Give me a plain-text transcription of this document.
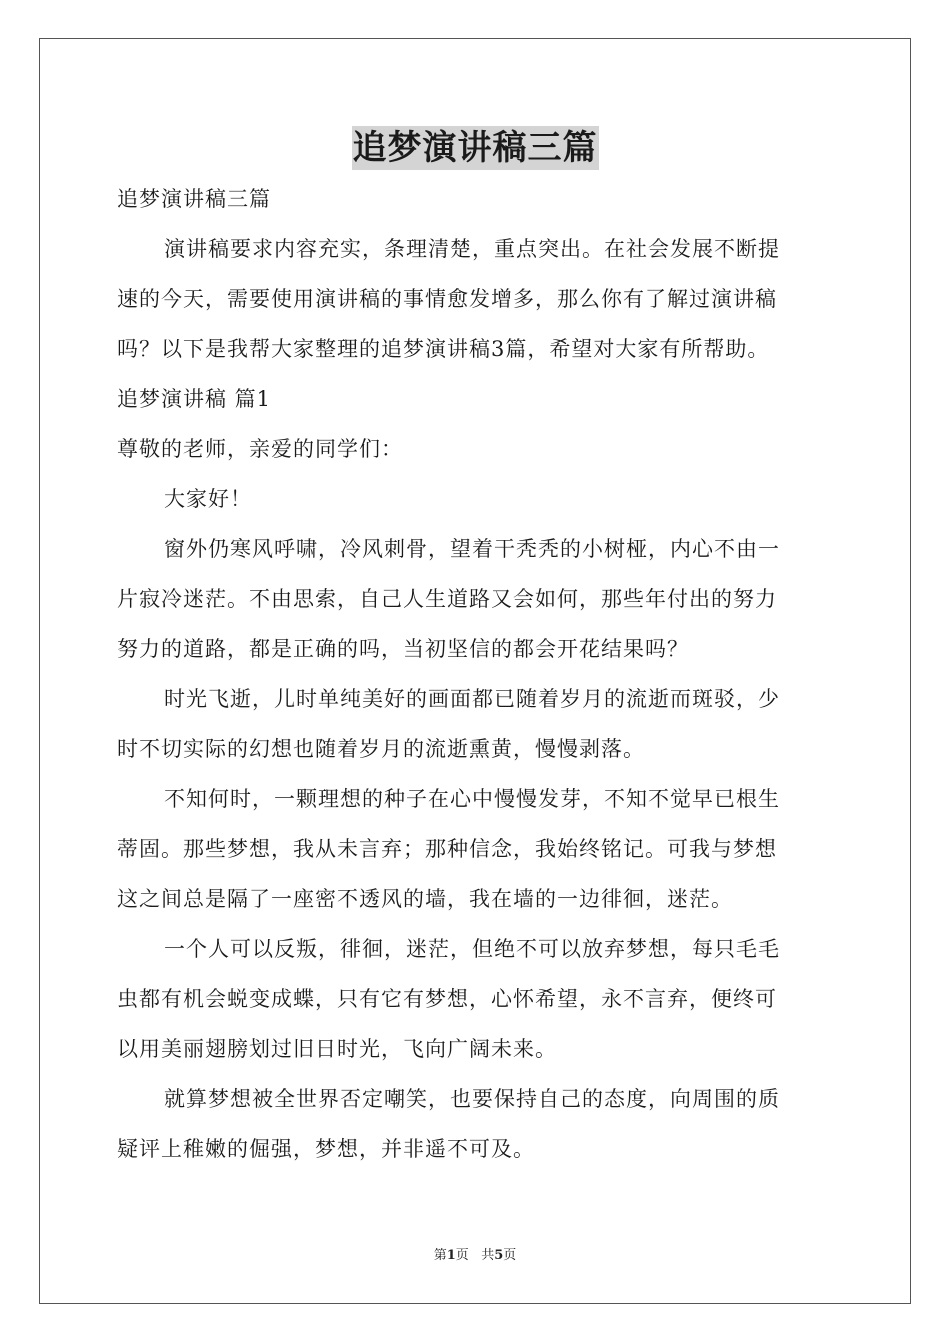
追梦演讲稿三篇
追梦演讲稿三篇
演讲稿要求内容充实，条理清楚，重点突出。在社会发展不断提
速的今天，需要使用演讲稿的事情愈发增多，那么你有了解过演讲稿
吗？以下是我帮大家整理的追梦演讲稿3篇，希望对大家有所帮助。
追梦演讲稿 篇1
尊敬的老师，亲爱的同学们：
大家好！
窗外仍寒风呼啸，冷风刺骨，望着干秃秃的小树桠，内心不由一
片寂冷迷茫。不由思索，自己人生道路又会如何，那些年付出的努力
努力的道路，都是正确的吗，当初坚信的都会开花结果吗？
时光飞逝，儿时单纯美好的画面都已随着岁月的流逝而斑驳，少
时不切实际的幻想也随着岁月的流逝熏黄，慢慢剥落。
不知何时，一颗理想的种子在心中慢慢发芽，不知不觉早已根生
蒂固。那些梦想，我从未言弃；那种信念，我始终铭记。可我与梦想
这之间总是隔了一座密不透风的墙，我在墙的一边徘徊，迷茫。
一个人可以反叛，徘徊，迷茫，但绝不可以放弃梦想，每只毛毛
虫都有机会蜕变成蝶，只有它有梦想，心怀希望，永不言弃，便终可
以用美丽翅膀划过旧日时光，飞向广阔未来。
就算梦想被全世界否定嘲笑，也要保持自己的态度，向周围的质
疑评上稚嫩的倔强，梦想，并非遥不可及。
第1页   共5页
